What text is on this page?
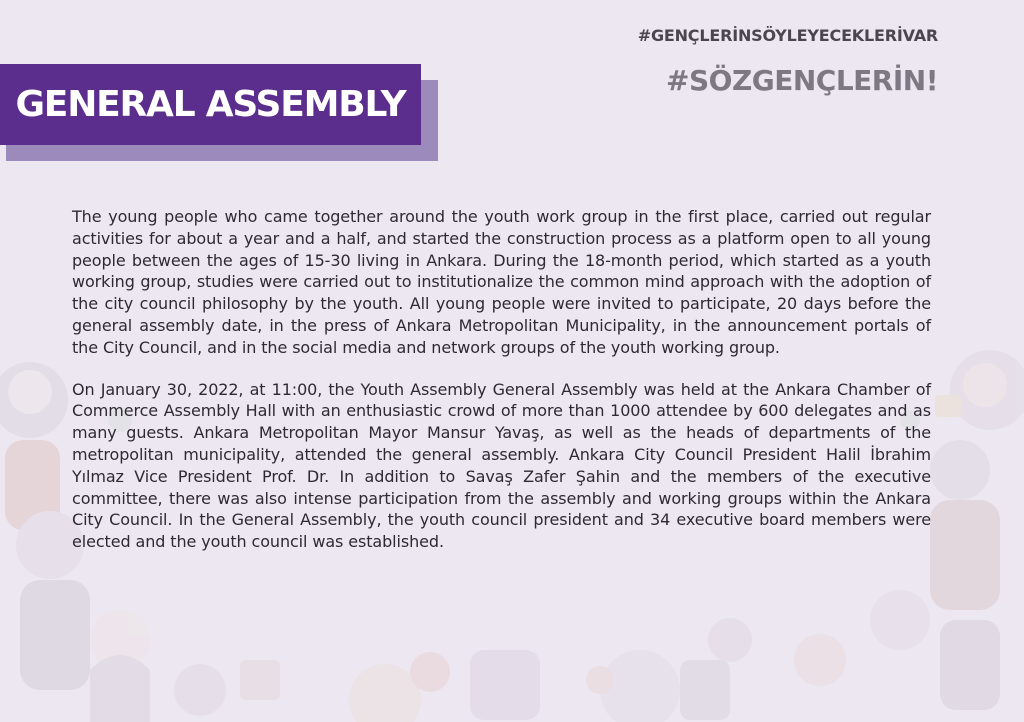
#GENÇLERİNSÖYLEYECEKLERİVAR
#SÖZGENÇLERİN!
GENERAL ASSEMBLY

The young people who came together around the youth work group in the first place, carried out regular activities for about a year and a half, and started the construction process as a platform open to all young people between the ages of 15-30 living in Ankara. During the 18-month period, which started as a youth working group, studies were carried out to institutionalize the common mind approach with the adoption of the city council philosophy by the youth. All young people were invited to participate, 20 days before the general assembly date, in the press of Ankara Metropolitan Municipality, in the announcement portals of the City Council, and in the social media and network groups of the youth working group.

On January 30, 2022, at 11:00, the Youth Assembly General Assembly was held at the Ankara Chamber of Commerce Assembly Hall with an enthusiastic crowd of more than 1000 attendee by 600 delegates and as many guests. Ankara Metropolitan Mayor Mansur Yavaş, as well as the heads of departments of the metropolitan municipality, attended the general assembly. Ankara City Council President Halil İbrahim Yılmaz Vice President Prof. Dr. In addition to Savaş Zafer Şahin and the members of the executive committee, there was also intense participation from the assembly and working groups within the Ankara City Council. In the General Assembly, the youth council president and 34 executive board members were elected and the youth council was established.
